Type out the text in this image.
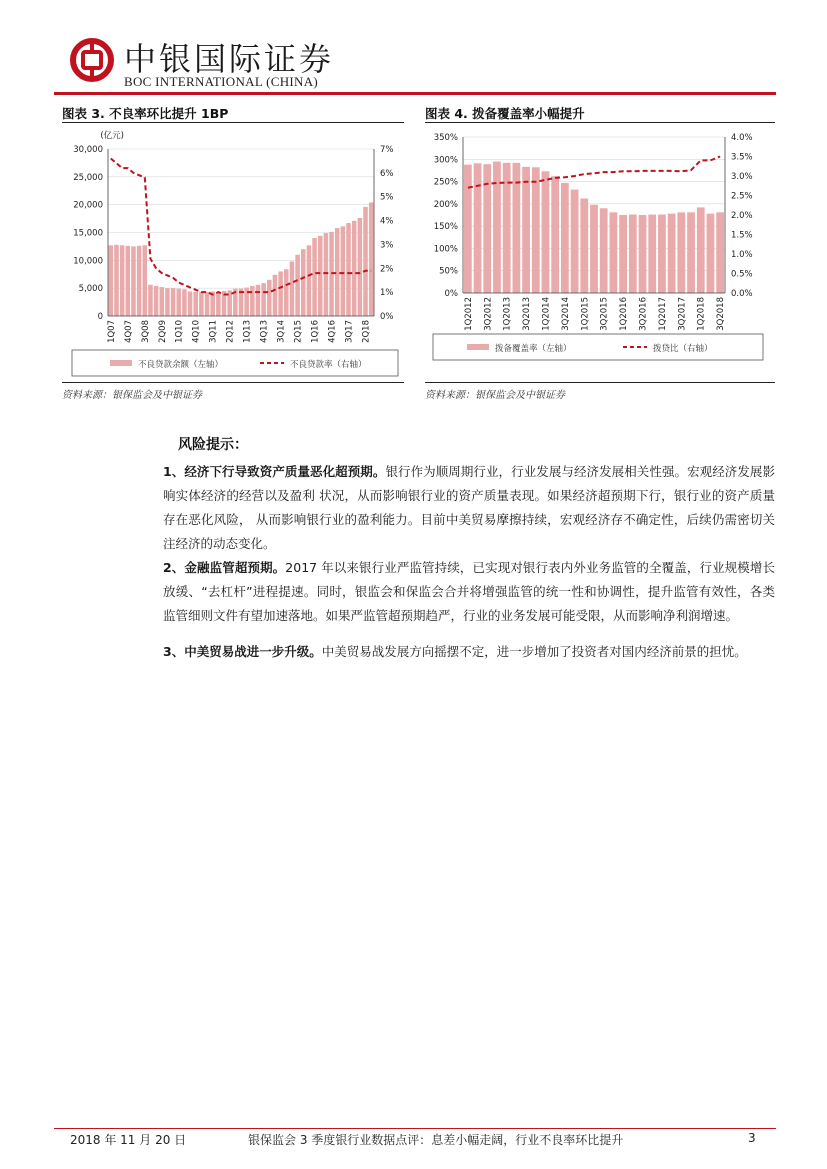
中银国际证券
BOC INTERNATIONAL (CHINA)
图表 3. 不良率环比提升 1BP
(亿元)
0
5,000
10,000
15,000
20,000
25,000
30,000
0%
1%
2%
3%
4%
5%
6%
7%
1Q07 4Q07 3Q08 2Q09 1Q10 4Q10 3Q11 2Q12 1Q13 4Q13 3Q14 2Q15 1Q16 4Q16 3Q17 2Q18
不良贷款余额（左轴）	不良贷款率（右轴）
资料来源：银保监会及中银证券
图表 4. 拨备覆盖率小幅提升
0%
50%
100%
150%
200%
250%
300%
350%
0.0%
0.5%
1.0%
1.5%
2.0%
2.5%
3.0%
3.5%
4.0%
1Q2012 3Q2012 1Q2013 3Q2013 1Q2014 3Q2014 1Q2015 3Q2015 1Q2016 3Q2016 1Q2017 3Q2017 1Q2018 3Q2018
拨备覆盖率（左轴）	拨贷比（右轴）
资料来源：银保监会及中银证券
风险提示：
1、经济下行导致资产质量恶化超预期。银行作为顺周期行业，行业发展与经济发展相关性强。宏观经济发展影响实体经济的经营以及盈利 状况，从而影响银行业的资产质量表现。如果经济超预期下行，银行业的资产质量存在恶化风险， 从而影响银行业的盈利能力。目前中美贸易摩擦持续，宏观经济存不确定性，后续仍需密切关注经济的动态变化。
2、金融监管超预期。2017 年以来银行业严监管持续，已实现对银行表内外业务监管的全覆盖，行业规模增长放缓、“去杠杆”进程提速。同时，银监会和保监会合并将增强监管的统一性和协调性，提升监管有效性，各类监管细则文件有望加速落地。如果严监管超预期趋严，行业的业务发展可能受限，从而影响净利润增速。
3、中美贸易战进一步升级。中美贸易战发展方向摇摆不定，进一步增加了投资者对国内经济前景的担忧。
2018 年 11 月 20 日	银保监会 3 季度银行业数据点评：息差小幅走阔，行业不良率环比提升	3
